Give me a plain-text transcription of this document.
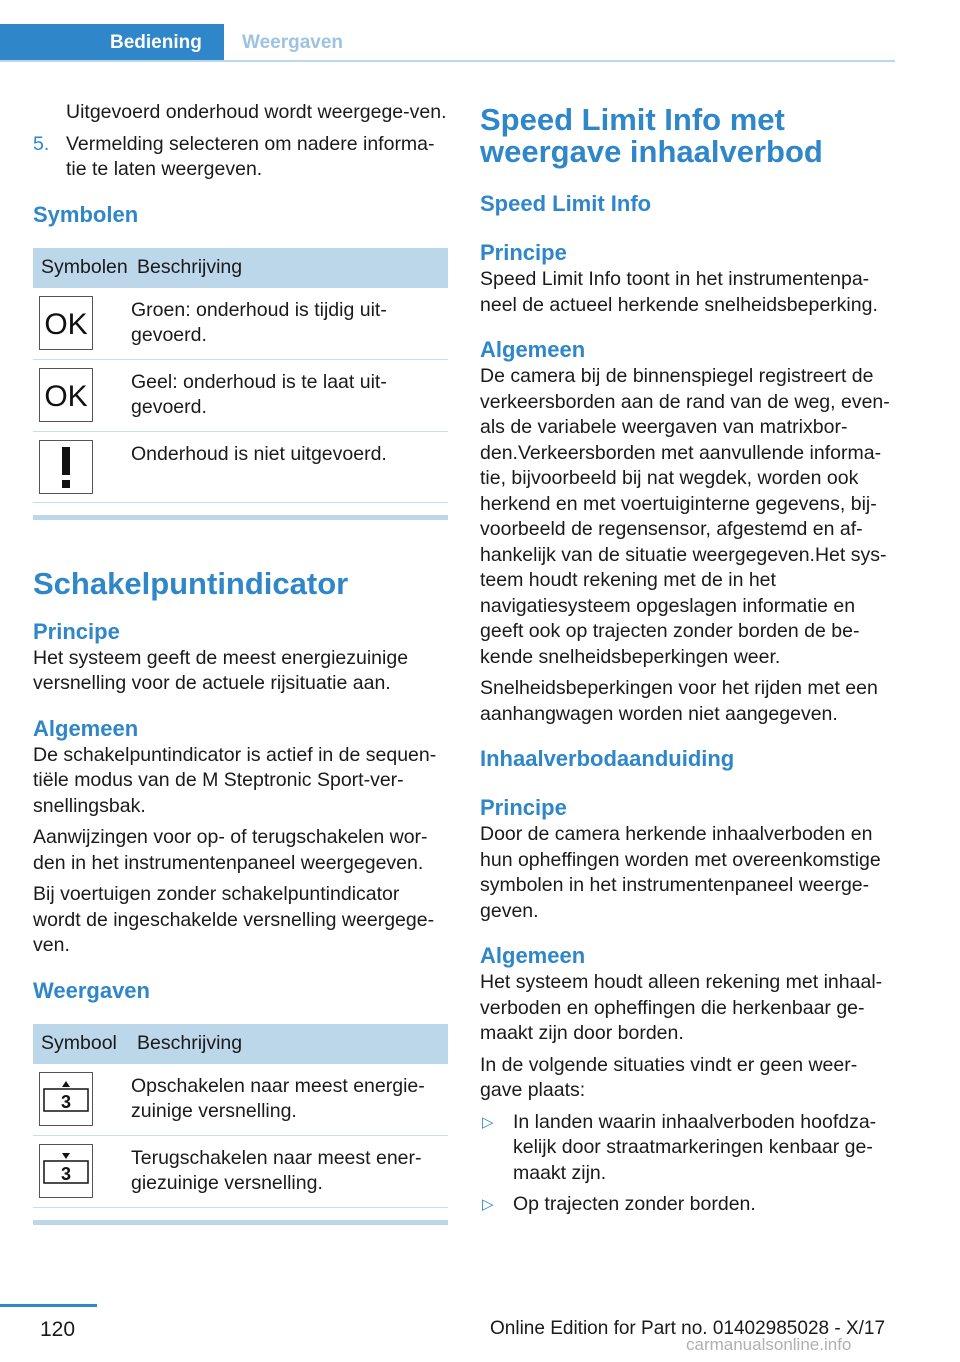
Bediening	Weergaven

Uitgevoerd onderhoud wordt weergege-ven.

5. Vermelding selecteren om nadere informa-tie te laten weergeven.
Symbolen
Symbolen	Beschrijving

OK	Groen: onderhoud is tijdig uit-gevoerd.

OK	Geel: onderhoud is te laat uit-gevoerd.

	Onderhoud is niet uitgevoerd.
Schakelpuntindicator
Principe

Het systeem geeft de meest energiezuinige versnelling voor de actuele rijsituatie aan.

Algemeen

De schakelpuntindicator is actief in de sequen-tiële modus van de M Steptronic Sport-ver-snellingsbak.

Aanwijzingen voor op- of terugschakelen wor-den in het instrumentenpaneel weergegeven.

Bij voertuigen zonder schakelpuntindicator wordt de ingeschakelde versnelling weergege-ven.

Weergaven
Symbool	Beschrijving

3	Opschakelen naar meest energie-zuinige versnelling.

3	Terugschakelen naar meest ener-giezuinige versnelling.
Speed Limit Info met
weergave inhaalverbod
Speed Limit Info
Principe

Speed Limit Info toont in het instrumentenpa-neel de actueel herkende snelheidsbeperking.

Algemeen

De camera bij de binnenspiegel registreert de verkeersborden aan de rand van de weg, even-als de variabele weergaven van matrixbor-den.Verkeersborden met aanvullende informa-tie, bijvoorbeeld bij nat wegdek, worden ook herkend en met voertuiginterne gegevens, bij-voorbeeld de regensensor, afgestemd en af-hankelijk van de situatie weergegeven.Het sys-teem houdt rekening met de in het navigatiesysteem opgeslagen informatie en geeft ook op trajecten zonder borden de be-kende snelheidsbeperkingen weer.

Snelheidsbeperkingen voor het rijden met een aanhangwagen worden niet aangegeven.

Inhaalverbodaanduiding
Principe

Door de camera herkende inhaalverboden en hun opheffingen worden met overeenkomstige symbolen in het instrumentenpaneel weerge-geven.

Algemeen

Het systeem houdt alleen rekening met inhaal-verboden en opheffingen die herkenbaar ge-maakt zijn door borden.

In de volgende situaties vindt er geen weer-gave plaats:

▷ In landen waarin inhaalverboden hoofdza-kelijk door straatmarkeringen kenbaar ge-maakt zijn.
▷ Op trajecten zonder borden.
120	Online Edition for Part no. 01402985028 - X/17
carmanualsonline.info
